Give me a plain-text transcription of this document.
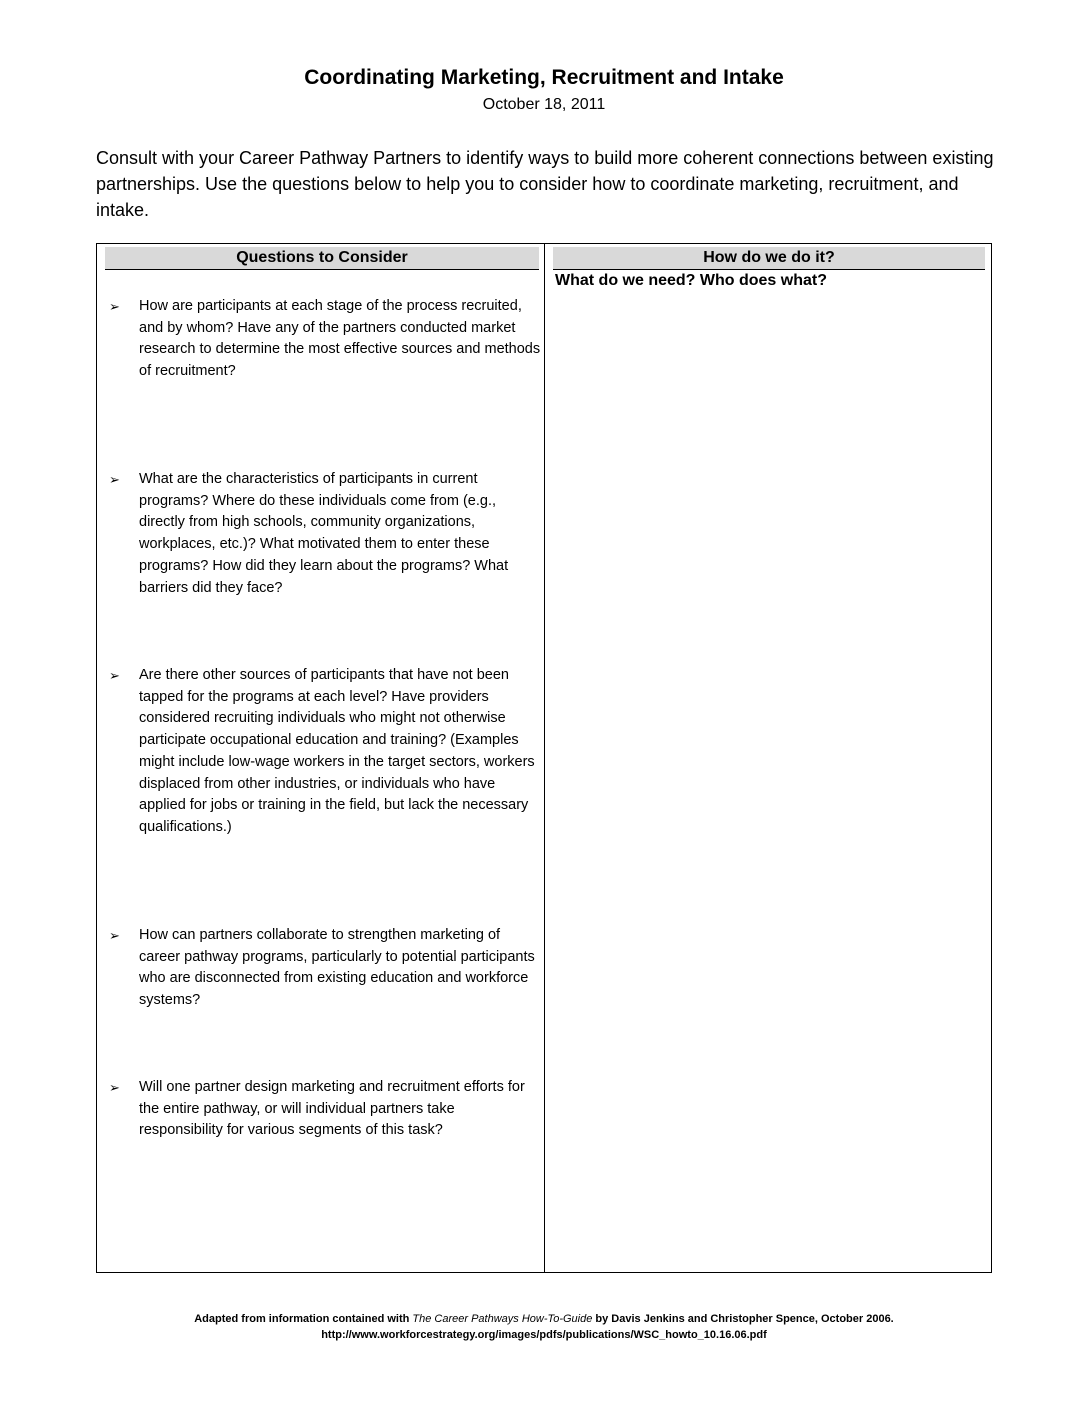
Coordinating Marketing, Recruitment and Intake
October 18, 2011
Consult with your Career Pathway Partners to identify ways to build more coherent connections between existing partnerships. Use the questions below to help you to consider how to coordinate marketing, recruitment, and intake.
Questions to Consider	How do we do it?
What do we need? Who does what?
➢ How are participants at each stage of the process recruited, and by whom? Have any of the partners conducted market research to determine the most effective sources and methods of recruitment?
➢ What are the characteristics of participants in current programs? Where do these individuals come from (e.g., directly from high schools, community organizations, workplaces, etc.)? What motivated them to enter these programs? How did they learn about the programs? What barriers did they face?
➢ Are there other sources of participants that have not been tapped for the programs at each level? Have providers considered recruiting individuals who might not otherwise participate occupational education and training? (Examples might include low-wage workers in the target sectors, workers displaced from other industries, or individuals who have applied for jobs or training in the field, but lack the necessary qualifications.)
➢ How can partners collaborate to strengthen marketing of career pathway programs, particularly to potential participants who are disconnected from existing education and workforce systems?
➢ Will one partner design marketing and recruitment efforts for the entire pathway, or will individual partners take responsibility for various segments of this task?
Adapted from information contained with The Career Pathways How-To-Guide by Davis Jenkins and Christopher Spence, October 2006.
http://www.workforcestrategy.org/images/pdfs/publications/WSC_howto_10.16.06.pdf
